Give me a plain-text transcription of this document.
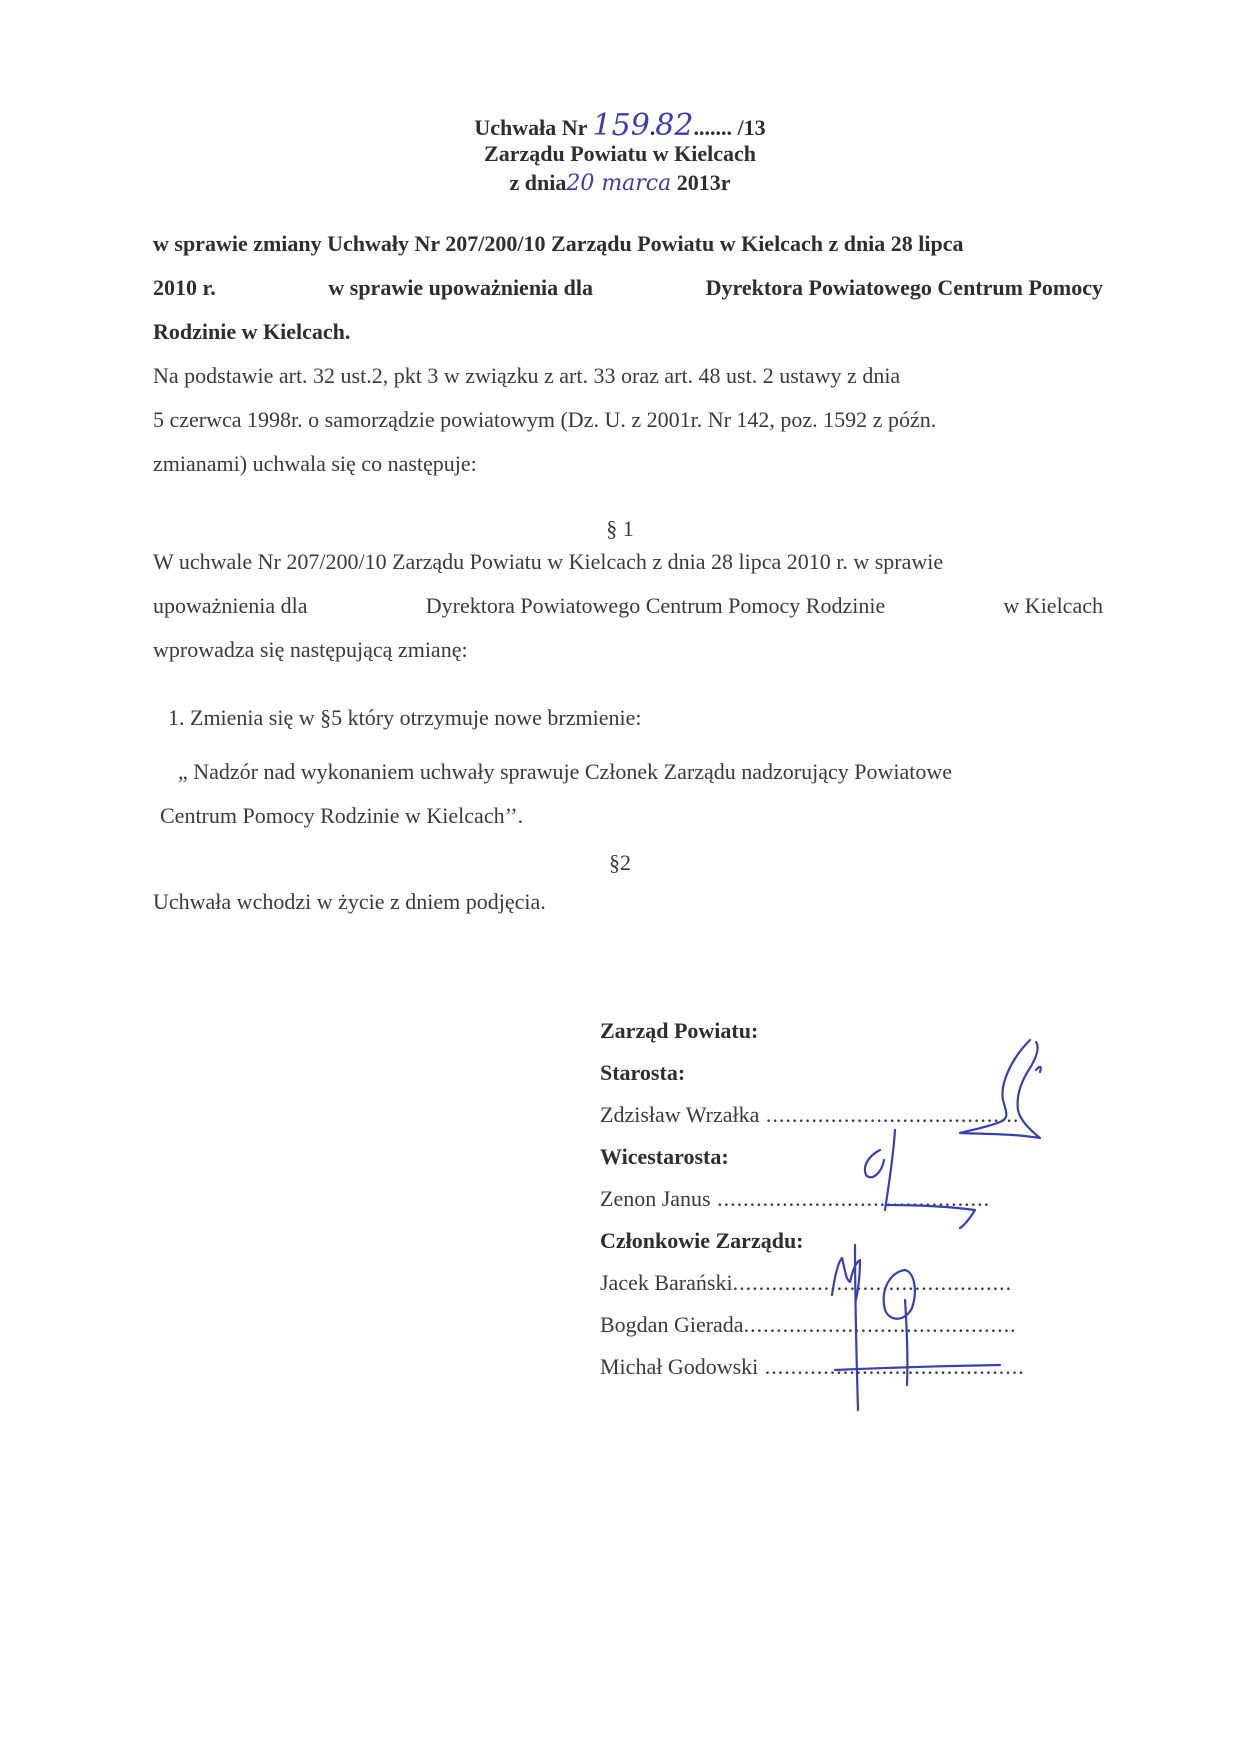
Uchwała Nr 159.82....... /13
Zarządu Powiatu w Kielcach
z dnia20 marca 2013r
w sprawie zmiany Uchwały Nr 207/200/10 Zarządu Powiatu w Kielcach z dnia 28 lipca
2010 r.	w sprawie upoważnienia dla	Dyrektora Powiatowego Centrum Pomocy
Rodzinie w Kielcach.
Na podstawie art. 32 ust.2, pkt 3 w związku z art. 33 oraz art. 48 ust. 2 ustawy z dnia
5 czerwca 1998r. o samorządzie powiatowym (Dz. U. z 2001r. Nr 142, poz. 1592 z późn.
zmianami) uchwala się co następuje:
§ 1
W uchwale Nr 207/200/10 Zarządu Powiatu w Kielcach z dnia 28 lipca 2010 r. w sprawie
upoważnienia dla	Dyrektora Powiatowego Centrum Pomocy Rodzinie	w Kielcach
wprowadza się następującą zmianę:
1. Zmienia się w §5 który otrzymuje nowe brzmienie:
„ Nadzór nad wykonaniem uchwały sprawuje Członek Zarządu nadzorujący Powiatowe
Centrum Pomocy Rodzinie w Kielcach’’.
§2
Uchwała wchodzi w życie z dniem podjęcia.
Zarząd Powiatu:
Starosta:
Zdzisław Wrzałka .......................................
Wicestarosta:
Zenon Janus ..........................................
Członkowie Zarządu:
Jacek Barański...........................................
Bogdan Gierada..........................................
Michał Godowski ........................................
